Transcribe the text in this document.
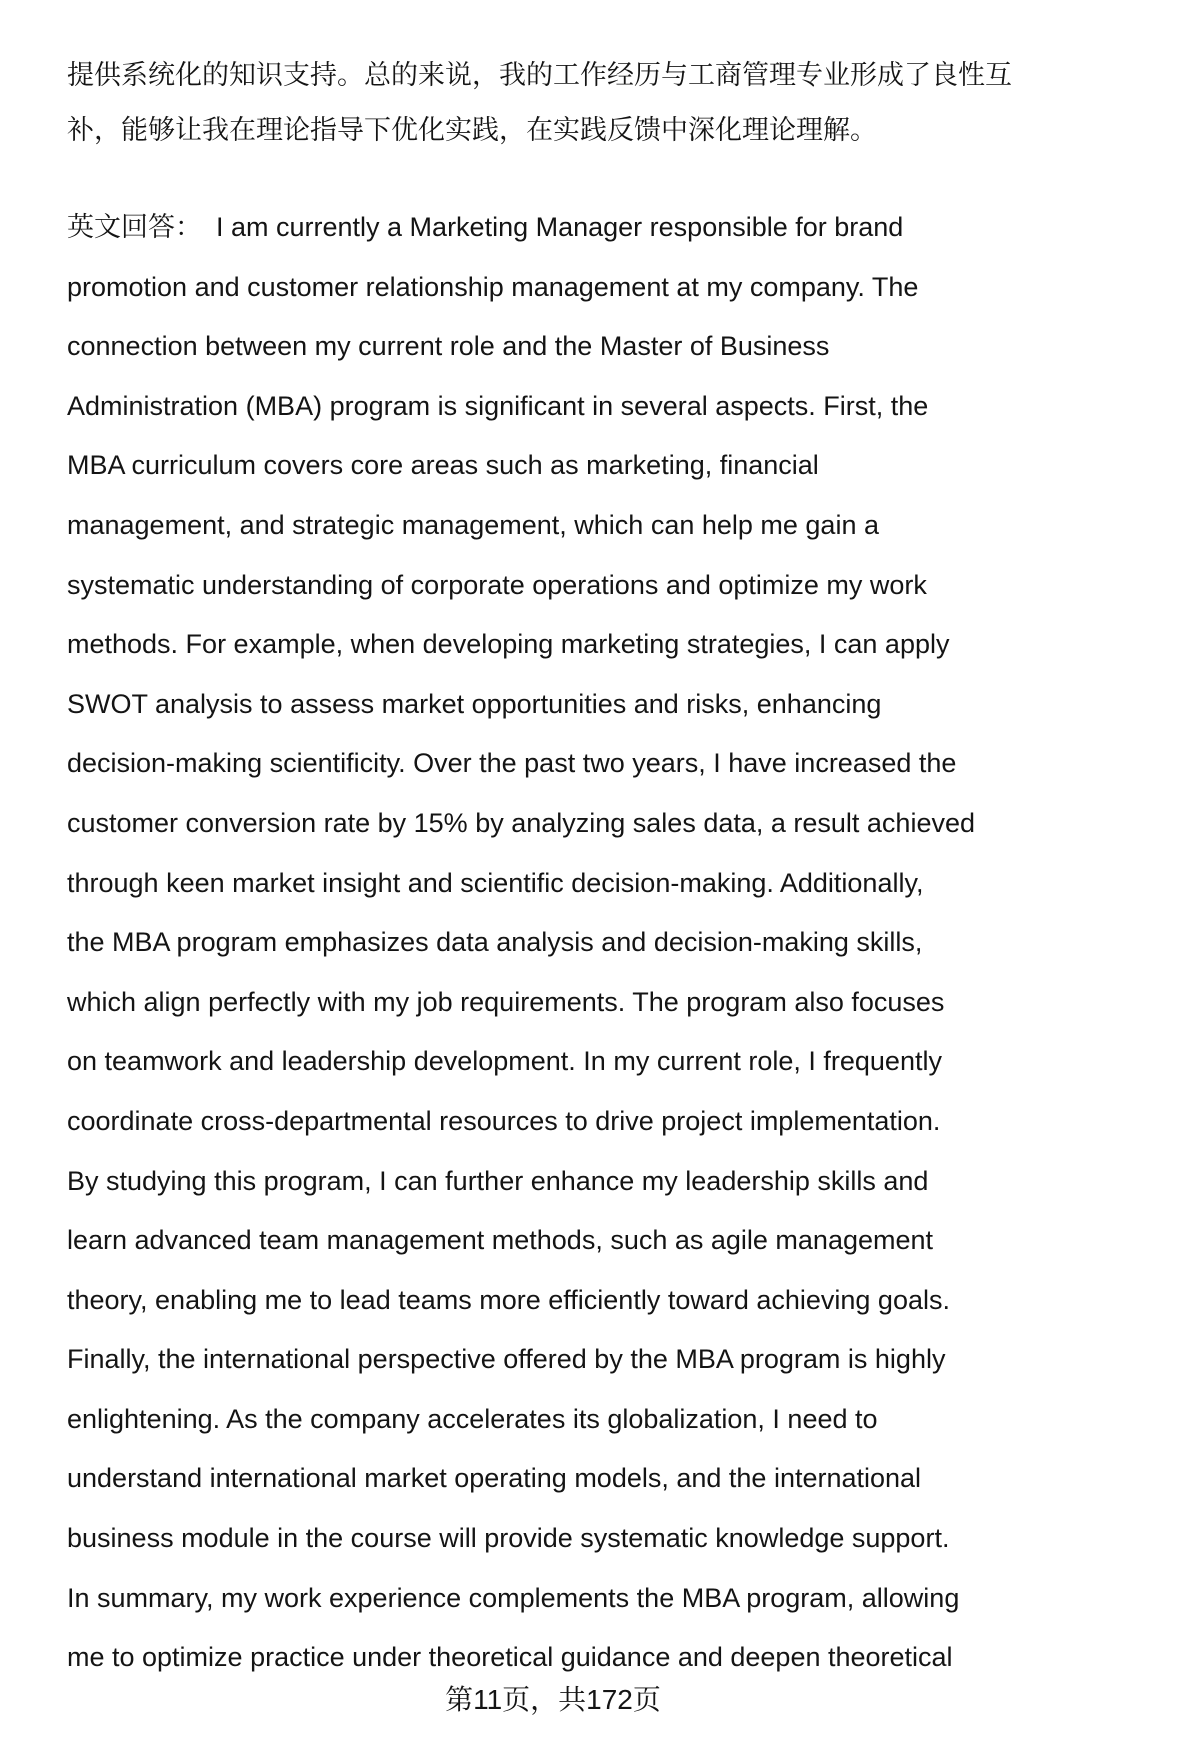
提供系统化的知识支持。总的来说，我的工作经历与工商管理专业形成了良性互
补，能够让我在理论指导下优化实践，在实践反馈中深化理论理解。
英文回答： I am currently a Marketing Manager responsible for brand
promotion and customer relationship management at my company. The
connection between my current role and the Master of Business
Administration (MBA) program is significant in several aspects. First, the
MBA curriculum covers core areas such as marketing, financial
management, and strategic management, which can help me gain a
systematic understanding of corporate operations and optimize my work
methods. For example, when developing marketing strategies, I can apply
SWOT analysis to assess market opportunities and risks, enhancing
decision-making scientificity. Over the past two years, I have increased the
customer conversion rate by 15% by analyzing sales data, a result achieved
through keen market insight and scientific decision-making. Additionally,
the MBA program emphasizes data analysis and decision-making skills,
which align perfectly with my job requirements. The program also focuses
on teamwork and leadership development. In my current role, I frequently
coordinate cross-departmental resources to drive project implementation.
By studying this program, I can further enhance my leadership skills and
learn advanced team management methods, such as agile management
theory, enabling me to lead teams more efficiently toward achieving goals.
Finally, the international perspective offered by the MBA program is highly
enlightening. As the company accelerates its globalization, I need to
understand international market operating models, and the international
business module in the course will provide systematic knowledge support.
In summary, my work experience complements the MBA program, allowing
me to optimize practice under theoretical guidance and deepen theoretical
第11页，共172页
